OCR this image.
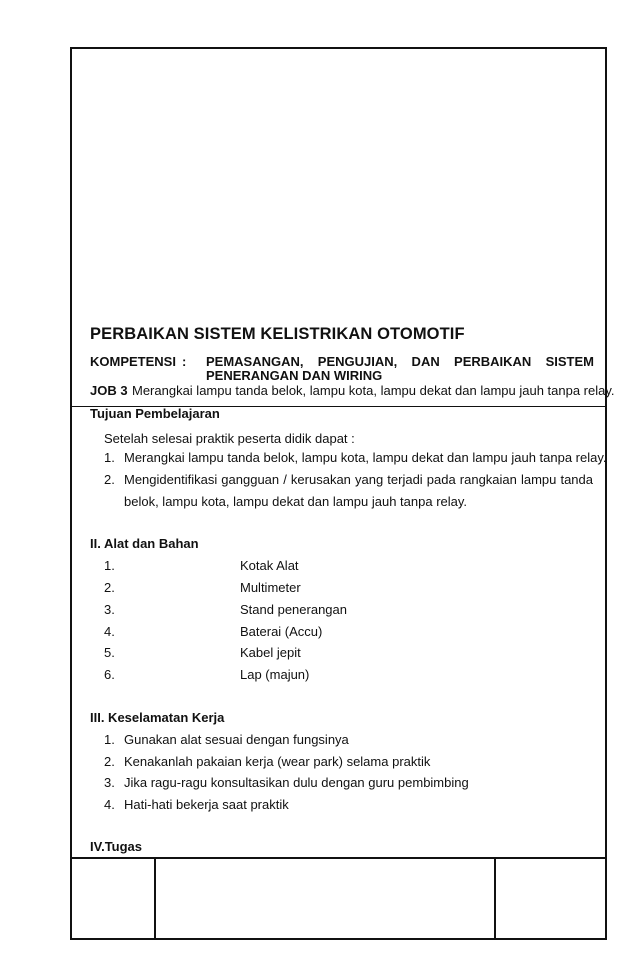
PERBAIKAN SISTEM KELISTRIKAN OTOMOTIF
KOMPETENSI : PEMASANGAN, PENGUJIAN, DAN PERBAIKAN SISTEM
PENERANGAN DAN WIRING
JOB 3 Merangkai lampu tanda belok, lampu kota, lampu dekat dan lampu jauh tanpa relay.
Tujuan Pembelajaran
Setelah selesai praktik peserta didik dapat :
1. Merangkai lampu tanda belok, lampu kota, lampu dekat dan lampu jauh tanpa relay.
2. Mengidentifikasi gangguan / kerusakan yang terjadi pada rangkaian lampu tanda
belok, lampu kota, lampu dekat dan lampu jauh tanpa relay.
II. Alat dan Bahan
1.	Kotak Alat
2.	Multimeter
3.	Stand penerangan
4.	Baterai (Accu)
5.	Kabel jepit
6.	Lap (majun)
III. Keselamatan Kerja
1. Gunakan alat sesuai dengan fungsinya
2. Kenakanlah pakaian kerja (wear park) selama praktik
3. Jika ragu-ragu konsultasikan dulu dengan guru pembimbing
4. Hati-hati bekerja saat praktik
IV.Tugas
